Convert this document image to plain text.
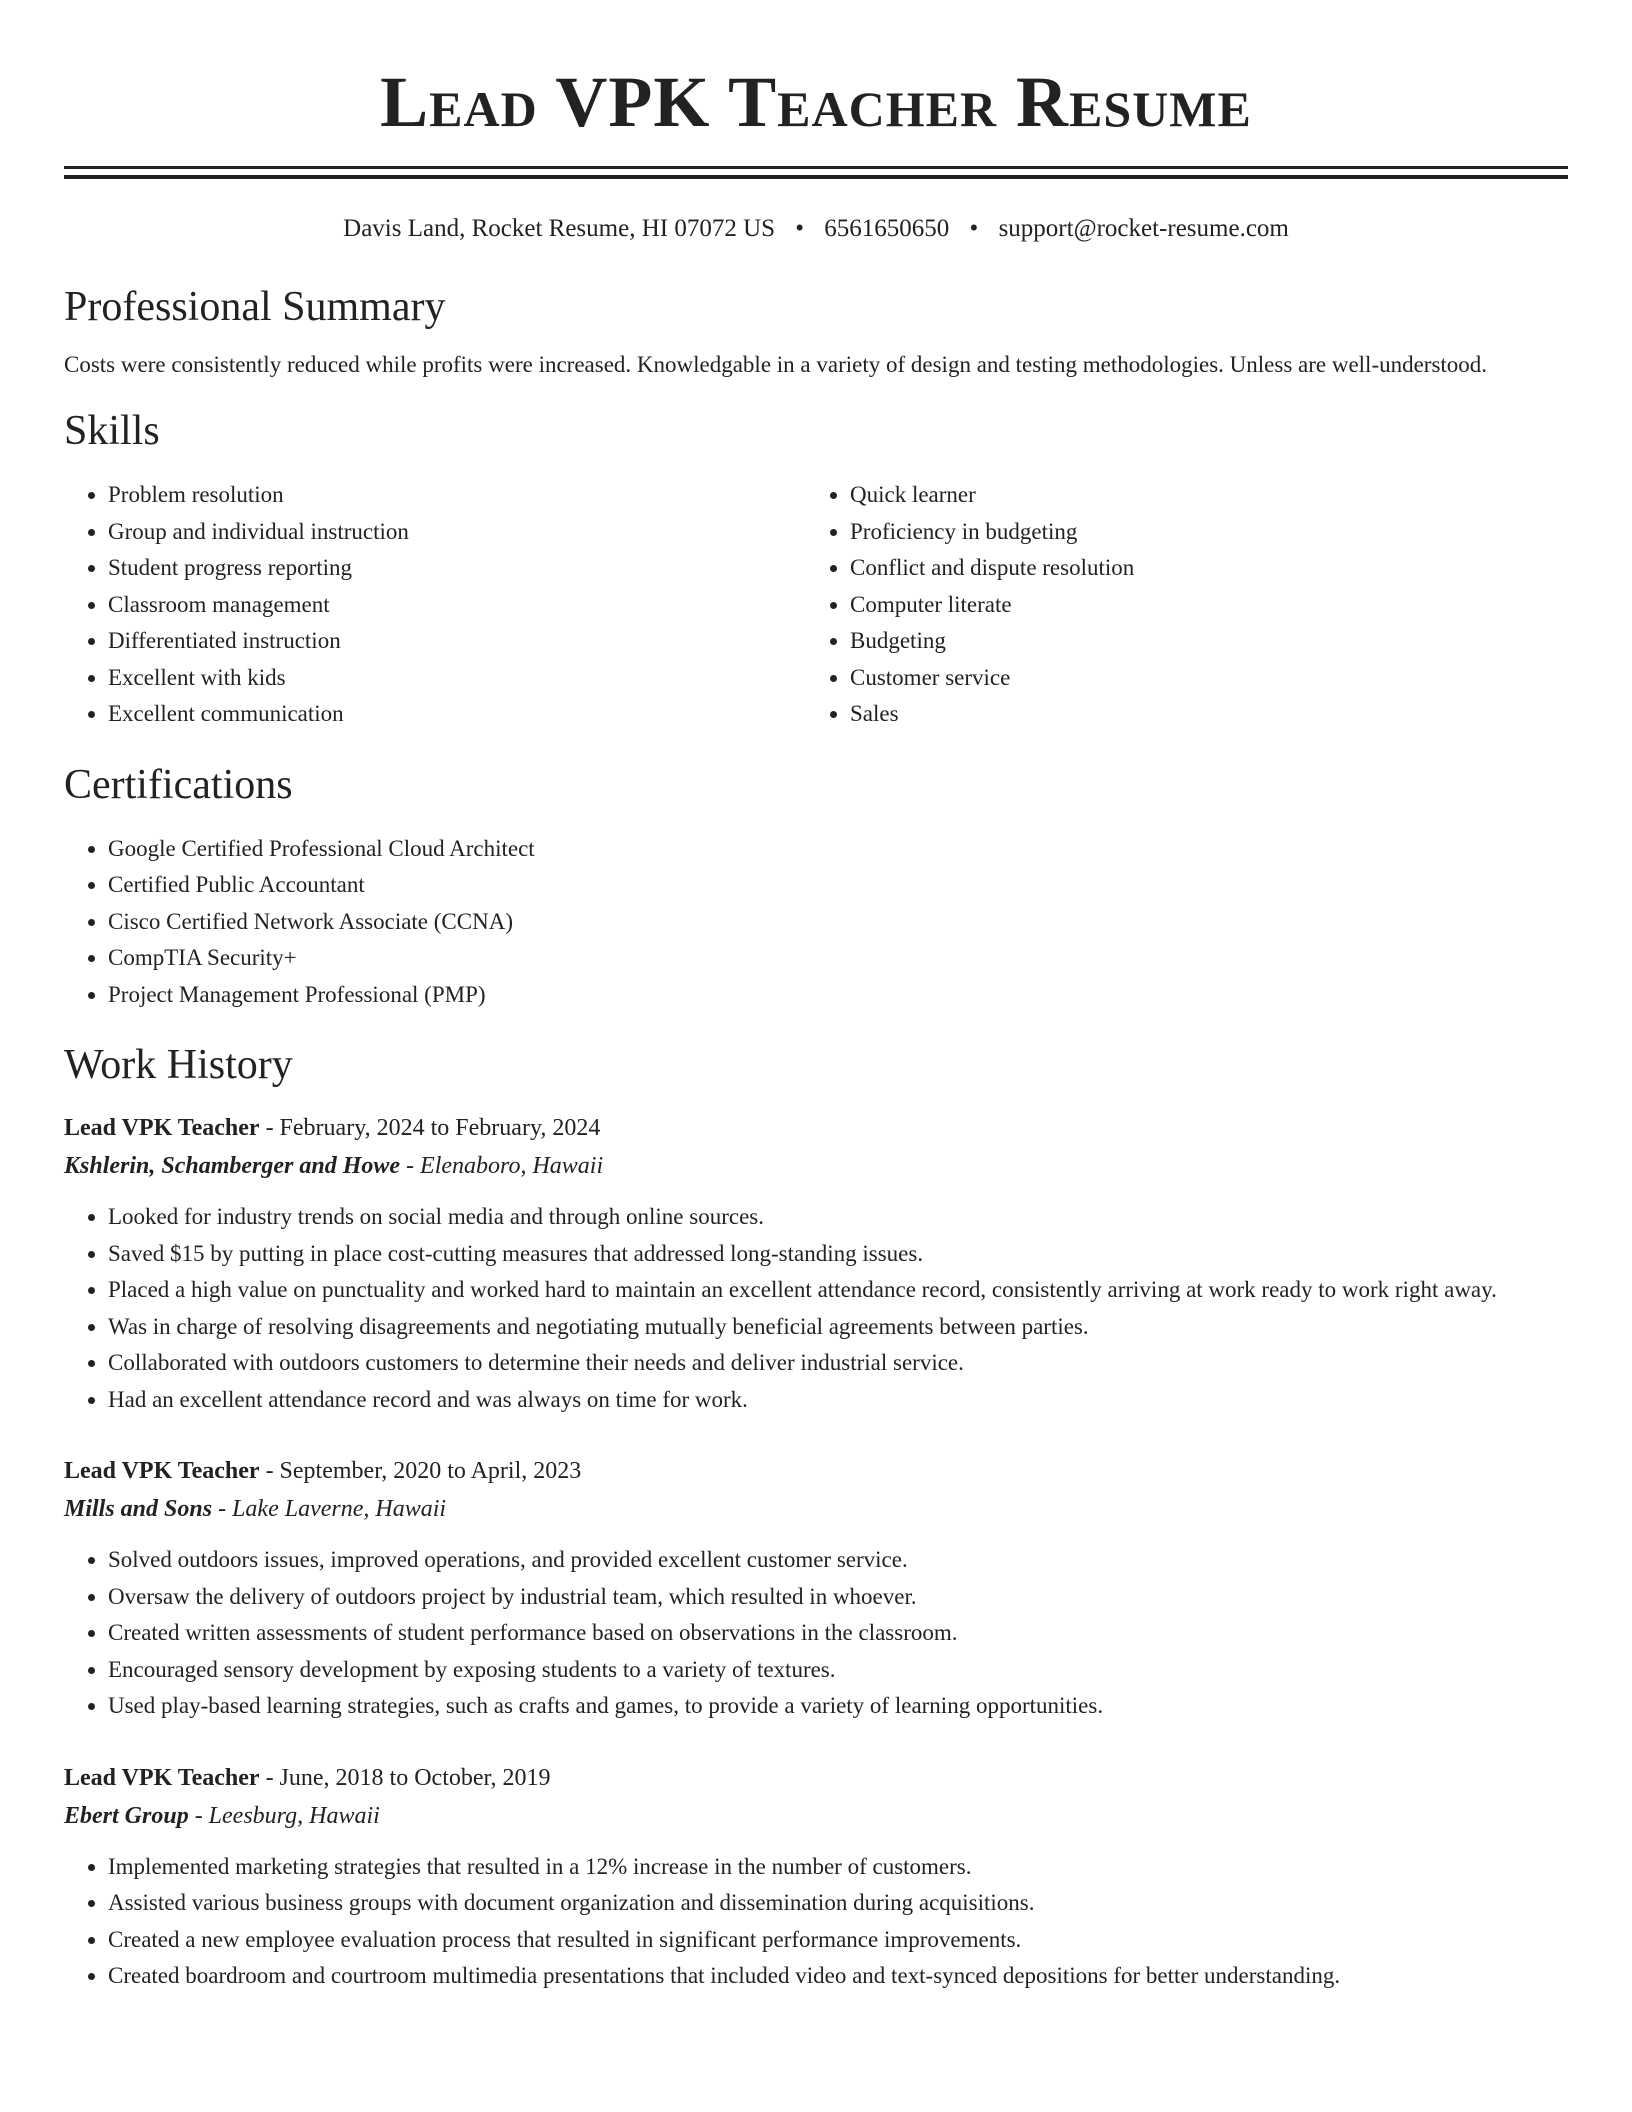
Lead VPK Teacher Resume
Davis Land, Rocket Resume, HI 07072 US • 6561650650 • support@rocket-resume.com
Professional Summary

Costs were consistently reduced while profits were increased. Knowledgable in a variety of design and testing methodologies. Unless are well-understood.

Skills
• Problem resolution
• Group and individual instruction
• Student progress reporting
• Classroom management
• Differentiated instruction
• Excellent with kids
• Excellent communication
• Quick learner
• Proficiency in budgeting
• Conflict and dispute resolution
• Computer literate
• Budgeting
• Customer service
• Sales
Certifications
• Google Certified Professional Cloud Architect
• Certified Public Accountant
• Cisco Certified Network Associate (CCNA)
• CompTIA Security+
• Project Management Professional (PMP)
Work History
Lead VPK Teacher - February, 2024 to February, 2024
Kshlerin, Schamberger and Howe - Elenaboro, Hawaii
• Looked for industry trends on social media and through online sources.
• Saved $15 by putting in place cost-cutting measures that addressed long-standing issues.
• Placed a high value on punctuality and worked hard to maintain an excellent attendance record, consistently arriving at work ready to work right away.
• Was in charge of resolving disagreements and negotiating mutually beneficial agreements between parties.
• Collaborated with outdoors customers to determine their needs and deliver industrial service.
• Had an excellent attendance record and was always on time for work.
Lead VPK Teacher - September, 2020 to April, 2023
Mills and Sons - Lake Laverne, Hawaii
• Solved outdoors issues, improved operations, and provided excellent customer service.
• Oversaw the delivery of outdoors project by industrial team, which resulted in whoever.
• Created written assessments of student performance based on observations in the classroom.
• Encouraged sensory development by exposing students to a variety of textures.
• Used play-based learning strategies, such as crafts and games, to provide a variety of learning opportunities.
Lead VPK Teacher - June, 2018 to October, 2019
Ebert Group - Leesburg, Hawaii
• Implemented marketing strategies that resulted in a 12% increase in the number of customers.
• Assisted various business groups with document organization and dissemination during acquisitions.
• Created a new employee evaluation process that resulted in significant performance improvements.
• Created boardroom and courtroom multimedia presentations that included video and text-synced depositions for better understanding.
